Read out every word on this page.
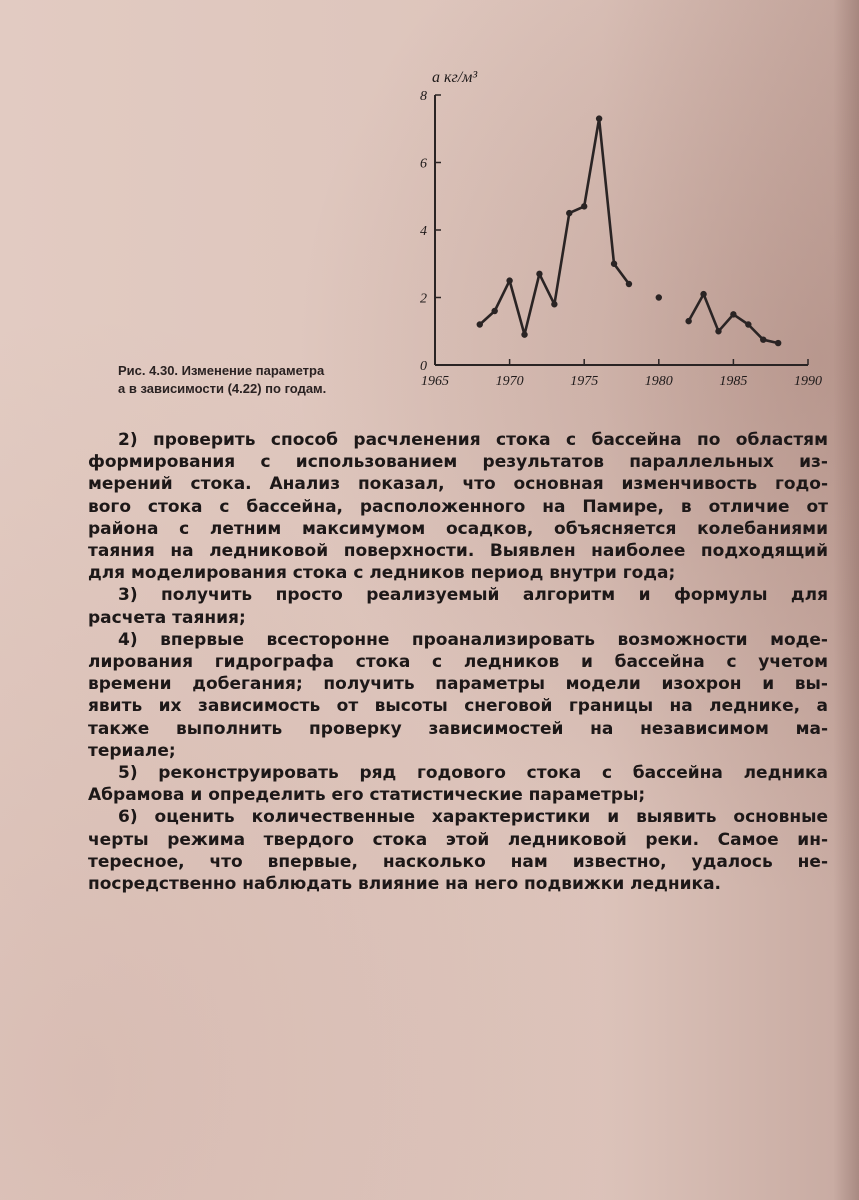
a кг/м³
1965	1970	1975	1980	1985	1990
0
2
4
6
8
Рис. 4.30. Изменение параметра
a в зависимости (4.22) по годам.
2) проверить способ расчленения стока с бассейна по областям
формирования с использованием результатов параллельных из-
мерений стока. Анализ показал, что основная изменчивость годо-
вого стока с бассейна, расположенного на Памире, в отличие от
района с летним максимумом осадков, объясняется колебаниями
таяния на ледниковой поверхности. Выявлен наиболее подходящий
для моделирования стока с ледников период внутри года;
3) получить просто реализуемый алгоритм и формулы для
расчета таяния;
4) впервые всесторонне проанализировать возможности моде-
лирования гидрографа стока с ледников и бассейна с учетом
времени добегания; получить параметры модели изохрон и вы-
явить их зависимость от высоты снеговой границы на леднике, а
также выполнить проверку зависимостей на независимом ма-
териале;
5) реконструировать ряд годового стока с бассейна ледника
Абрамова и определить его статистические параметры;
6) оценить количественные характеристики и выявить основные
черты режима твердого стока этой ледниковой реки. Самое ин-
тересное, что впервые, насколько нам известно, удалось не-
посредственно наблюдать влияние на него подвижки ледника.
